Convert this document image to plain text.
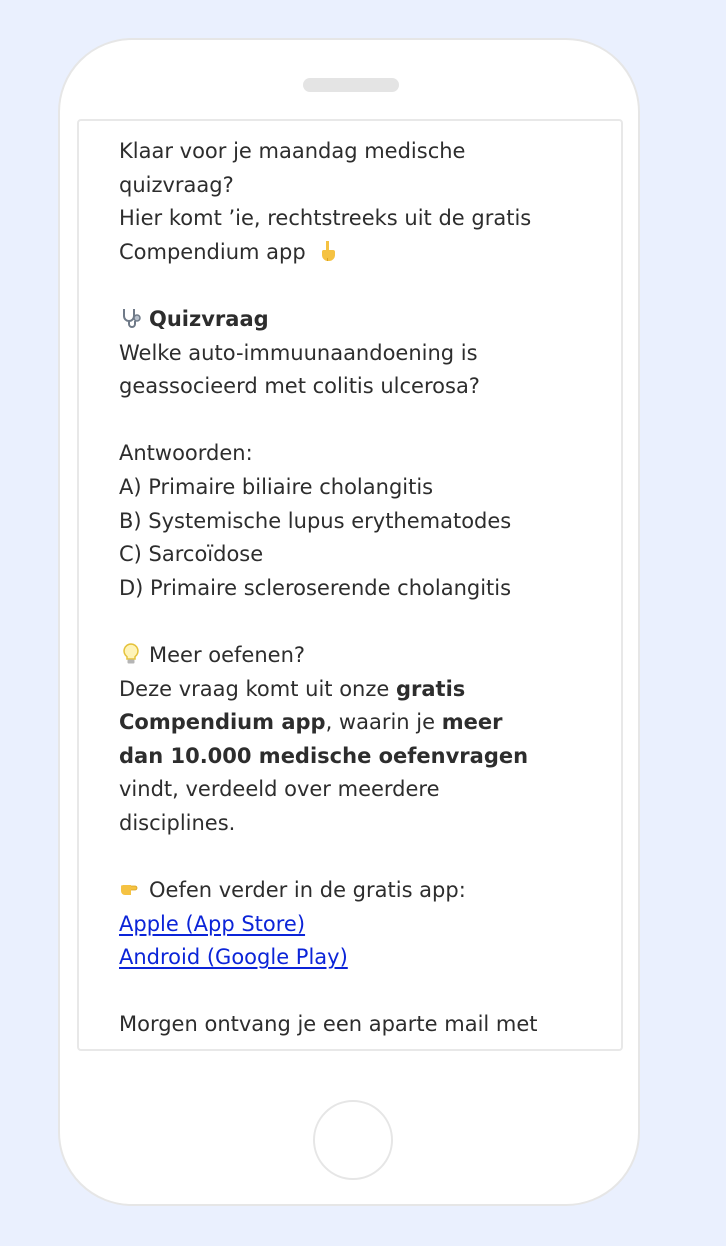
Klaar voor je maandag medische

quizvraag?

Hier komt ’ie, rechtstreeks uit de gratis

Compendium app

Quizvraag

Welke auto-immuunaandoening is

geassocieerd met colitis ulcerosa?

Antwoorden:

A) Primaire biliaire cholangitis

B) Systemische lupus erythematodes

C) Sarcoïdose

D) Primaire scleroserende cholangitis

Meer oefenen?

Deze vraag komt uit onze gratis
Compendium app, waarin je meer
dan 10.000 medische oefenvragen
vindt, verdeeld over meerdere
disciplines.

Oefen verder in de gratis app:

Apple (App Store)

Android (Google Play)

Morgen ontvang je een aparte mail met
